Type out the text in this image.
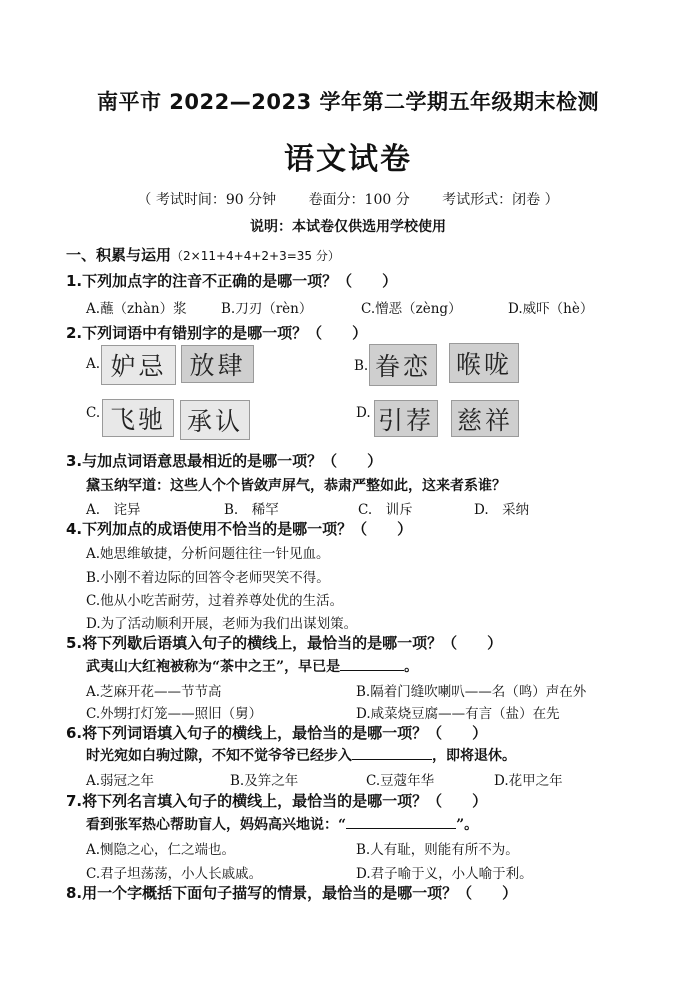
南平市 2022—2023 学年第二学期五年级期末检测
语文试卷
（ 考试时间：90 分钟 卷面分：100 分 考试形式：闭卷 ）
说明：本试卷仅供选用学校使用
一、积累与运用（2×11+4+4+2+3=35 分）
1.下列加点字的注音不正确的是哪一项？（　　）
A.蘸（zhàn）浆	B.刀刃（rèn）	C.憎恶（zèng）	D.威吓（hè）
2.下列词语中有错别字的是哪一项？（　　）
A. 妒忌 放肆	B. 眷恋 喉咙
C. 飞驰 承认	D. 引荐 慈祥
3.与加点词语意思最相近的是哪一项？（　　）
黛玉纳罕道：这些人个个皆敛声屏气，恭肃严整如此，这来者系谁？
A.　诧异	B.　稀罕	C.　训斥	D.　采纳
4.下列加点的成语使用不恰当的是哪一项？（　　）
A.她思维敏捷，分析问题往往一针见血。
B.小刚不着边际的回答令老师哭笑不得。
C.他从小吃苦耐劳，过着养尊处优的生活。
D.为了活动顺利开展，老师为我们出谋划策。
5.将下列歇后语填入句子的横线上，最恰当的是哪一项？（　　）
武夷山大红袍被称为“茶中之王”，早已是	。
A.芝麻开花——节节高	B.隔着门缝吹喇叭——名（鸣）声在外
C.外甥打灯笼——照旧（舅）	D.咸菜烧豆腐——有言（盐）在先
6.将下列词语填入句子的横线上，最恰当的是哪一项？（　　）
时光宛如白驹过隙，不知不觉爷爷已经步入	，即将退休。
A.弱冠之年	B.及笄之年	C.豆蔻年华	D.花甲之年
7.将下列名言填入句子的横线上，最恰当的是哪一项？（　　）
看到张军热心帮助盲人，妈妈高兴地说：“	”。
A.恻隐之心，仁之端也。	B.人有耻，则能有所不为。
C.君子坦荡荡，小人长戚戚。	D.君子喻于义，小人喻于利。
8.用一个字概括下面句子描写的情景，最恰当的是哪一项？（　　）
